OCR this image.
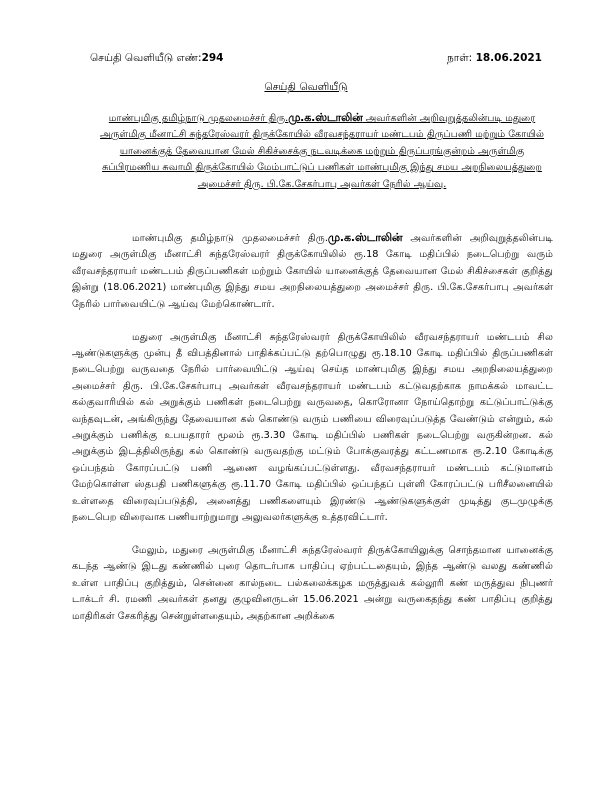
செய்தி வெளியீடு எண்:294	நாள்: 18.06.2021
செய்தி வெளியீடு
மாண்புமிகு தமிழ்நாடு முதலமைச்சர் திரு.மு.க.ஸ்டாலின் அவர்களின் அறிவுறுத்தலின்படி மதுரை அருள்மிகு மீனாட்சி சுந்தரேஸ்வரர் திருக்கோயில் வீரவசந்தராயர் மண்டபம் திருப்பணி மற்றும் கோயில் யானைக்குத் தேவையான மேல் சிகிச்சைக்கு நடவடிக்கை மற்றும் திருப்பரங்குன்றம் அருள்மிகு சுப்பிரமணிய சுவாமி திருக்கோயில் மேம்பாட்டுப் பணிகள் மாண்புமிகு இந்து சமய அறநிலையத்துறை அமைச்சர் திரு. பி.கே.சேகர்பாபு அவர்கள் நேரில் ஆய்வு.

மாண்புமிகு தமிழ்நாடு முதலமைச்சர் திரு.மு.க.ஸ்டாலின் அவர்களின் அறிவுறுத்தலின்படி மதுரை அருள்மிகு மீனாட்சி சுந்தரேஸ்வரர் திருக்கோயிலில் ரூ.18 கோடி மதிப்பில் நடைபெற்று வரும் வீரவசந்தராயர் மண்டபம் திருப்பணிகள் மற்றும் கோயில் யானைக்குத் தேவையான மேல் சிகிச்சைகள் குறித்து இன்று (18.06.2021) மாண்புமிகு இந்து சமய அறநிலையத்துறை அமைச்சர் திரு. பி.கே.சேகர்பாபு அவர்கள் நேரில் பார்வையிட்டு ஆய்வு மேற்கொண்டார்.

மதுரை அருள்மிகு மீனாட்சி சுந்தரேஸ்வரர் திருக்கோயிலில் வீரவசந்தராயர் மண்டபம் சில ஆண்டுகளுக்கு முன்பு தீ விபத்தினால் பாதிக்கப்பட்டு தற்பொழுது ரூ.18.10 கோடி மதிப்பில் திருப்பணிகள் நடைபெற்று வருவதை நேரில் பார்வையிட்டு ஆய்வு செய்த மாண்புமிகு இந்து சமய அறநிலையத்துறை அமைச்சர் திரு. பி.கே.சேகர்பாபு அவர்கள் வீரவசந்தராயர் மண்டபம் கட்டுவதற்காக நாமக்கல் மாவட்ட கல்குவாரியில் கல் அறுக்கும் பணிகள் நடைபெற்று வருவதை, கொரோனா நோய்தொற்று கட்டுப்பாட்டுக்கு வந்தவுடன், அங்கிருந்து தேவையான கல் கொண்டு வரும் பணியை விரைவுப்படுத்த வேண்டும் என்றும், கல் அறுக்கும் பணிக்கு உபயதாரர் மூலம் ரூ.3.30 கோடி மதிப்பில் பணிகள் நடைபெற்று வருகின்றன. கல் அறுக்கும் இடத்திலிருந்து கல் கொண்டு வருவதற்கு மட்டும் போக்குவரத்து கட்டணமாக ரூ.2.10 கோடிக்கு ஒப்பந்தம் கோரப்பட்டு பணி ஆணை வழங்கப்பட்டுள்ளது. வீரவசந்தராயர் மண்டபம் கட்டுமானம் மேற்கொள்ள ஸ்தபதி பணிகளுக்கு ரூ.11.70 கோடி மதிப்பில் ஒப்பந்தப் புள்ளி கோரப்பட்டு பரிசீலனையில் உள்ளதை விரைவுப்படுத்தி, அனைத்து பணிகளையும் இரண்டு ஆண்டுகளுக்குள் முடித்து குடமுழுக்கு நடைபெற விரைவாக பணியாற்றுமாறு அலுவலர்களுக்கு உத்தரவிட்டார்.

மேலும், மதுரை அருள்மிகு மீனாட்சி சுந்தரேஸ்வரர் திருக்கோயிலுக்கு சொந்தமான யானைக்கு கடந்த ஆண்டு இடது கண்ணில் புரை தொடர்பாக பாதிப்பு ஏற்பட்டதையும், இந்த ஆண்டு வலது கண்ணில் உள்ள பாதிப்பு குறித்தும், சென்னை கால்நடை பல்கலைக்கழக மருத்துவக் கல்லூரி கண் மருத்துவ நிபுணர் டாக்டர் சி. ரமணி அவர்கள் தனது குழுவினருடன் 15.06.2021 அன்று வருகைதந்து கண் பாதிப்பு குறித்து மாதிரிகள் சேகரித்து சென்றுள்ளதையும், அதற்கான அறிக்கை
